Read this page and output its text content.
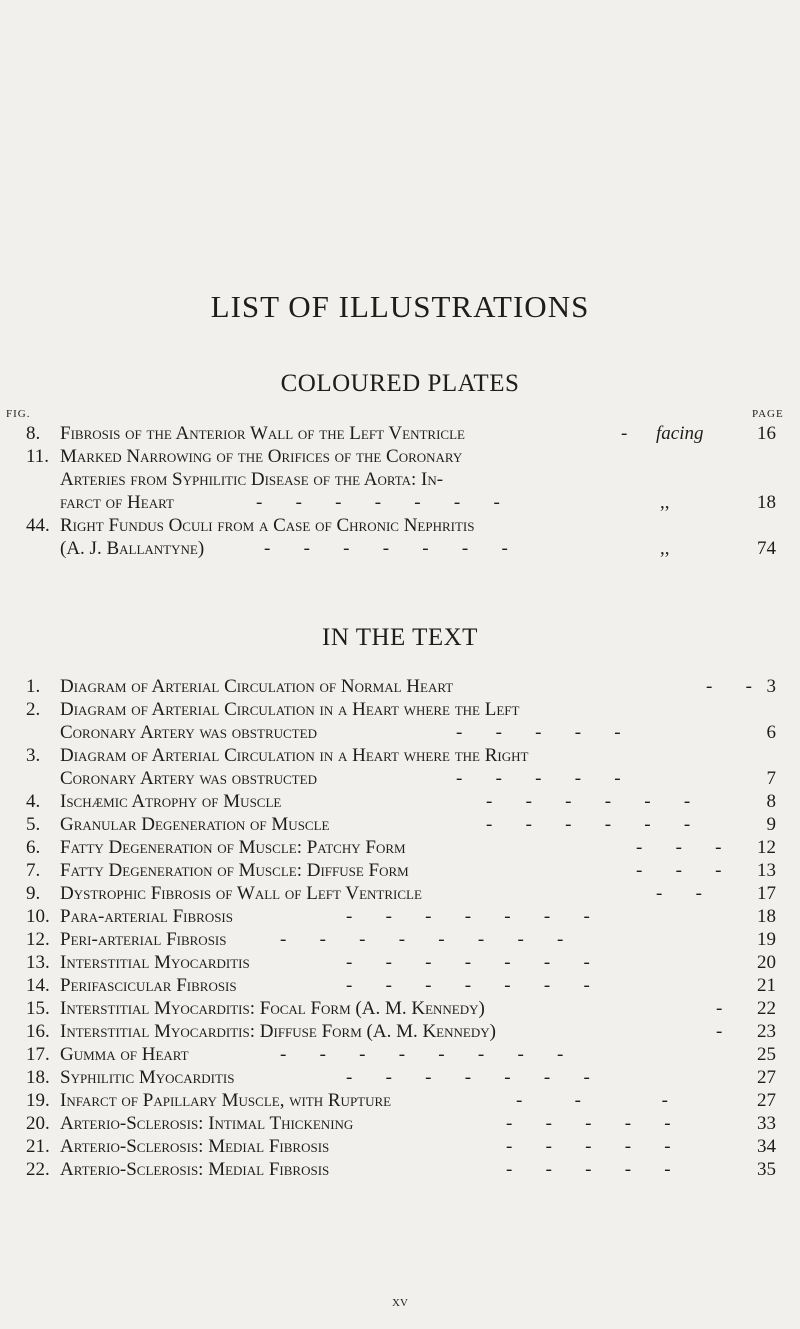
LIST OF ILLUSTRATIONS
COLOURED PLATES
FIG.	PAGE
8. Fibrosis of the Anterior Wall of the Left Ventricle	- facing	16
11. Marked Narrowing of the Orifices of the Coronary
Arteries from Syphilitic Disease of the Aorta: In-
farct of Heart	-       -       -       -       -       -       -	,,	18
44. Right Fundus Oculi from a Case of Chronic Nephritis
(A. J. Ballantyne)	-       -       -       -       -       -       -	,,	74
IN THE TEXT
1. Diagram of Arterial Circulation of Normal Heart	-       - 3
2. Diagram of Arterial Circulation in a Heart where the Left
Coronary Artery was obstructed	-       -       -       -       -	6
3. Diagram of Arterial Circulation in a Heart where the Right
Coronary Artery was obstructed	-       -       -       -       -	7
4. Ischæmic Atrophy of Muscle	-       -       -       -       -       -	8
5. Granular Degeneration of Muscle	-       -       -       -       -       -	9
6. Fatty Degeneration of Muscle: Patchy Form	-       -       - 12
7. Fatty Degeneration of Muscle: Diffuse Form	-       -       - 13
9. Dystrophic Fibrosis of Wall of Left Ventricle	-       -	17
10. Para-arterial Fibrosis	-       -       -       -       -       -       -	18
12. Peri-arterial Fibrosis	-       -       -       -       -       -       -       -	19
13. Interstitial Myocarditis	-       -       -       -       -       -       -	20
14. Perifascicular Fibrosis	-       -       -       -       -       -       -	21
15. Interstitial Myocarditis: Focal Form (A. M. Kennedy)	- 22
16. Interstitial Myocarditis: Diffuse Form (A. M. Kennedy)	- 23
17. Gumma of Heart	-       -       -       -       -       -       -       -	25
18. Syphilitic Myocarditis	-       -       -       -       -       -       -	27
19. Infarct of Papillary Muscle, with Rupture	-           -                 -	27
20. Arterio-Sclerosis: Intimal Thickening	-       -       -       -       -	33
21. Arterio-Sclerosis: Medial Fibrosis	-       -       -       -       -	34
22. Arterio-Sclerosis: Medial Fibrosis	-       -       -       -       -	35
xv
